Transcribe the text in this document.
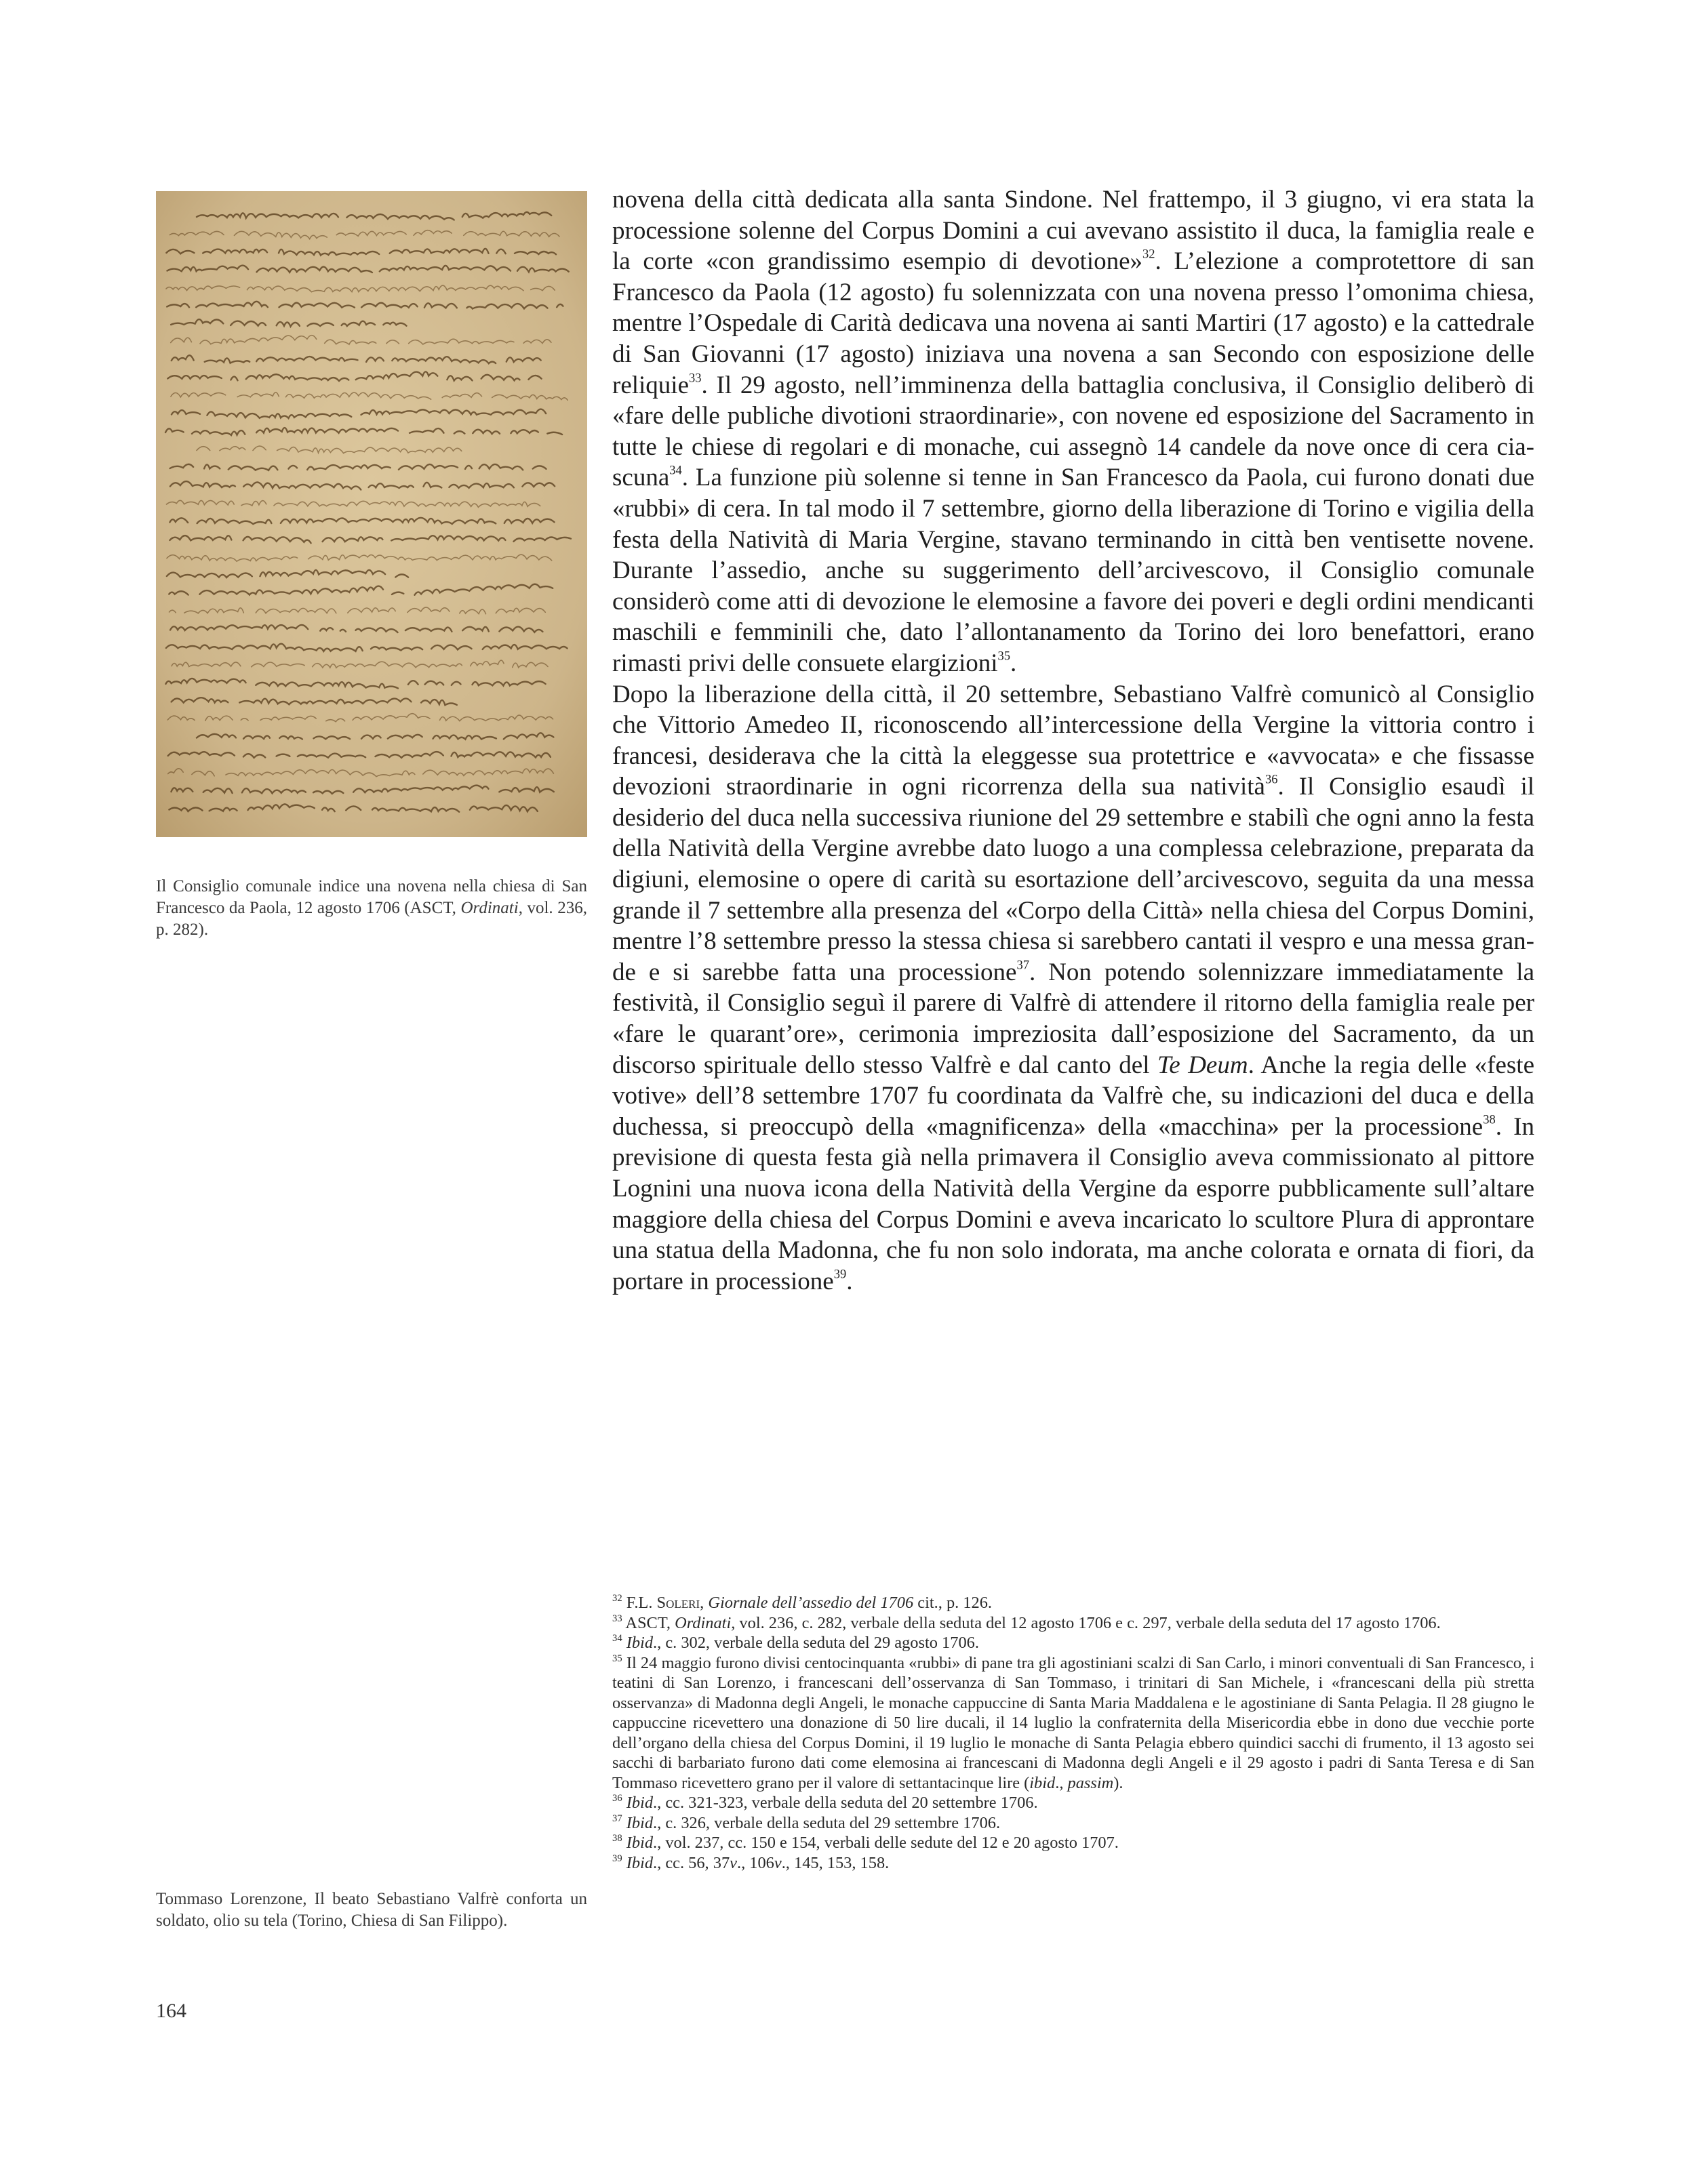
Il Consiglio comunale indice una novena nella chiesa di San Francesco da Paola, 12 agosto 1706 (ASCT, Ordinati, vol. 236, p. 282).
Tommaso Lorenzone, Il beato Sebastiano Valfrè conforta un soldato, olio su tela (Torino, Chiesa di San Filippo).
164

novena della città dedicata alla santa Sindone. Nel frattempo, il 3 giugno, vi era stata la processione solenne del Corpus Domini a cui avevano assistito il duca, la famiglia reale e la corte «con grandissimo esempio di devotione»$^{32}$. L’elezione a comprotettore di san Francesco da Paola (12 agosto) fu solennizzata con una novena presso l’omonima chiesa, mentre l’Ospedale di Carità dedicava una novena ai santi Martiri (17 agosto) e la cattedrale di San Giovanni (17 agosto) iniziava una novena a san Secondo con esposizione delle reliquie$^{33}$. Il 29 agosto, nell’imminenza della battaglia conclusiva, il Consiglio deliberò di «fare delle publiche divotioni straordinarie», con novene ed esposizione del Sacramento in tutte le chiese di regolari e di monache, cui assegnò 14 candele da nove once di cera ciascuna$^{34}$. La funzione più solenne si tenne in San Francesco da Paola, cui furono donati due «rubbi» di cera. In tal modo il 7 settembre, giorno della liberazione di Torino e vigilia della festa della Natività di Maria Vergine, stavano terminando in città ben ventisette novene. Durante l’assedio, anche su suggerimento dell’arcivescovo, il Consiglio comunale considerò come atti di devozione le elemosine a favore dei poveri e degli ordini mendicanti maschili e femminili che, dato l’allontanamento da Torino dei loro benefattori, erano rimasti privi delle consuete elargizioni$^{35}$.

Dopo la liberazione della città, il 20 settembre, Sebastiano Valfrè comunicò al Consiglio che Vittorio Amedeo II, riconoscendo all’intercessione della Vergine la vittoria contro i francesi, desiderava che la città la eleggesse sua protettrice e «avvocata» e che fissasse devozioni straordinarie in ogni ricorrenza della sua natività$^{36}$. Il Consiglio esaudì il desiderio del duca nella successiva riunione del 29 settembre e stabilì che ogni anno la festa della Natività della Vergine avrebbe dato luogo a una complessa celebrazione, preparata da digiuni, elemosine o opere di carità su esortazione dell’arcivescovo, seguita da una messa grande il 7 settembre alla presenza del «Corpo della Città» nella chiesa del Corpus Domini, mentre l’8 settembre presso la stessa chiesa si sarebbero cantati il vespro e una messa grande e si sarebbe fatta una processione$^{37}$. Non potendo solennizzare immediatamente la festività, il Consiglio seguì il parere di Valfrè di attendere il ritorno della famiglia reale per «fare le quarant’ore», cerimonia impreziosita dall’esposizione del Sacramento, da un discorso spirituale dello stesso Valfrè e dal canto del Te Deum. Anche la regia delle «feste votive» dell’8 settembre 1707 fu coordinata da Valfrè che, su indicazioni del duca e della duchessa, si preoccupò della «magnificenza» della «macchina» per la processione$^{38}$. In previsione di questa festa già nella primavera il Consiglio aveva commissionato al pittore Lognini una nuova icona della Natività della Vergine da esporre pubblicamente sull’altare maggiore della chiesa del Corpus Domini e aveva incaricato lo scultore Plura di approntare una statua della Madonna, che fu non solo indorata, ma anche colorata e ornata di fiori, da portare in processione$^{39}$.

$^{32}$ F.L. Soleri, Giornale dell’assedio del 1706 cit., p. 126.

$^{33}$ ASCT, Ordinati, vol. 236, c. 282, verbale della seduta del 12 agosto 1706 e c. 297, verbale della seduta del 17 agosto 1706.

$^{34}$ Ibid., c. 302, verbale della seduta del 29 agosto 1706.

$^{35}$ Il 24 maggio furono divisi centocinquanta «rubbi» di pane tra gli agostiniani scalzi di San Carlo, i minori conventuali di San Francesco, i teatini di San Lorenzo, i francescani dell’osservanza di San Tommaso, i trinitari di San Michele, i «francescani della più stretta osservanza» di Madonna degli Angeli, le monache cappuccine di Santa Maria Maddalena e le agostiniane di Santa Pelagia. Il 28 giugno le cappuccine ricevettero una donazione di 50 lire ducali, il 14 luglio la confraternita della Misericordia ebbe in dono due vecchie porte dell’organo della chiesa del Corpus Domini, il 19 luglio le monache di Santa Pelagia ebbero quindici sacchi di frumento, il 13 agosto sei sacchi di barbariato furono dati come elemosina ai francescani di Madonna degli Angeli e il 29 agosto i padri di Santa Teresa e di San Tommaso ricevettero grano per il valore di settantacinque lire (ibid., passim).

$^{36}$ Ibid., cc. 321-323, verbale della seduta del 20 settembre 1706.

$^{37}$ Ibid., c. 326, verbale della seduta del 29 settembre 1706.

$^{38}$ Ibid., vol. 237, cc. 150 e 154, verbali delle sedute del 12 e 20 agosto 1707.

$^{39}$ Ibid., cc. 56, 37v., 106v., 145, 153, 158.
